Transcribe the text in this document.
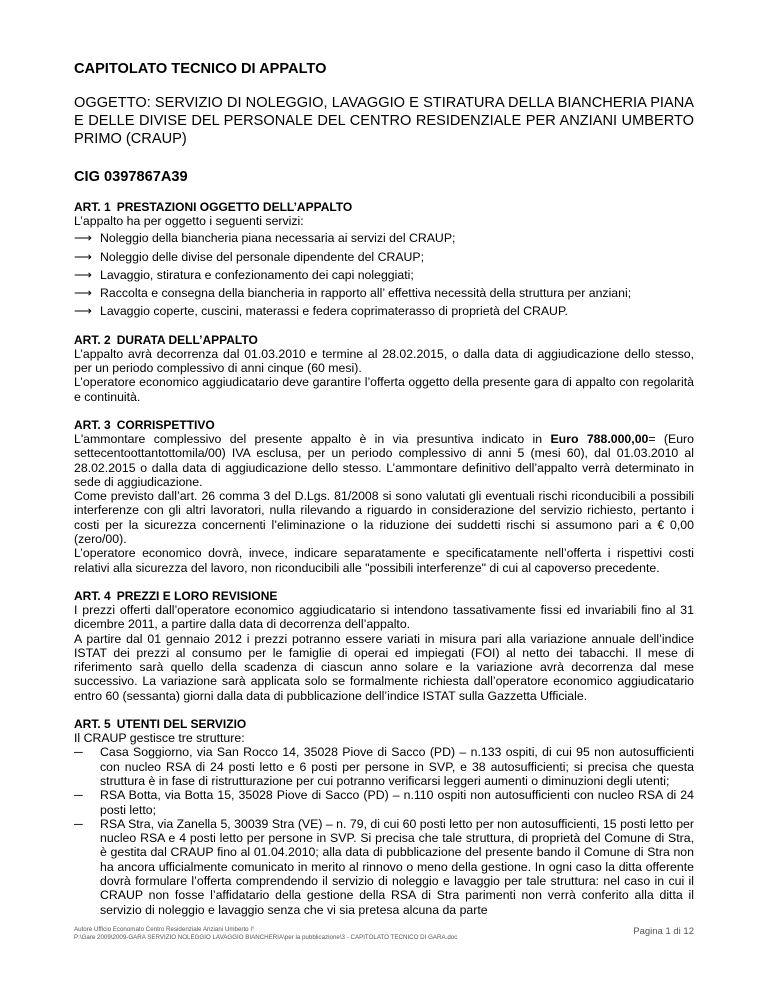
CAPITOLATO TECNICO DI APPALTO

OGGETTO: SERVIZIO DI NOLEGGIO, LAVAGGIO E STIRATURA DELLA BIANCHERIA PIANA E DELLE DIVISE DEL PERSONALE DEL CENTRO RESIDENZIALE PER ANZIANI UMBERTO PRIMO (CRAUP)

CIG 0397867A39

ART. 1 PRESTAZIONI OGGETTO DELL’APPALTO

L’appalto ha per oggetto i seguenti servizi:

⟶ Noleggio della biancheria piana necessaria ai servizi del CRAUP;
⟶ Noleggio delle divise del personale dipendente del CRAUP;
⟶ Lavaggio, stiratura e confezionamento dei capi noleggiati;
⟶ Raccolta e consegna della biancheria in rapporto all’ effettiva necessità della struttura per anziani;
⟶ Lavaggio coperte, cuscini, materassi e federa coprimaterasso di proprietà del CRAUP.

ART. 2 DURATA DELL’APPALTO

L’appalto avrà decorrenza dal 01.03.2010 e termine al 28.02.2015, o dalla data di aggiudicazione dello stesso, per un periodo complessivo di anni cinque (60 mesi).

L’operatore economico aggiudicatario deve garantire l’offerta oggetto della presente gara di appalto con regolarità e continuità.

ART. 3 CORRISPETTIVO

L'ammontare complessivo del presente appalto è in via presuntiva indicato in Euro 788.000,00= (Euro settecentoottantottomila/00) IVA esclusa, per un periodo complessivo di anni 5 (mesi 60), dal 01.03.2010 al 28.02.2015 o dalla data di aggiudicazione dello stesso. L’ammontare definitivo dell’appalto verrà determinato in sede di aggiudicazione.

Come previsto dall’art. 26 comma 3 del D.Lgs. 81/2008 si sono valutati gli eventuali rischi riconducibili a possibili interferenze con gli altri lavoratori, nulla rilevando a riguardo in considerazione del servizio richiesto, pertanto i costi per la sicurezza concernenti l’eliminazione o la riduzione dei suddetti rischi si assumono pari a € 0,00 (zero/00).

L’operatore economico dovrà, invece, indicare separatamente e specificatamente nell’offerta i rispettivi costi relativi alla sicurezza del lavoro, non riconducibili alle "possibili interferenze" di cui al capoverso precedente.

ART. 4 PREZZI E LORO REVISIONE

I prezzi offerti dall’operatore economico aggiudicatario si intendono tassativamente fissi ed invariabili fino al 31 dicembre 2011, a partire dalla data di decorrenza dell’appalto.

A partire dal 01 gennaio 2012 i prezzi potranno essere variati in misura pari alla variazione annuale dell’indice ISTAT dei prezzi al consumo per le famiglie di operai ed impiegati (FOI) al netto dei tabacchi. Il mese di riferimento sarà quello della scadenza di ciascun anno solare e la variazione avrà decorrenza dal mese successivo. La variazione sarà applicata solo se formalmente richiesta dall’operatore economico aggiudicatario entro 60 (sessanta) giorni dalla data di pubblicazione dell’indice ISTAT sulla Gazzetta Ufficiale.

ART. 5 UTENTI DEL SERVIZIO

Il CRAUP gestisce tre strutture:

─ Casa Soggiorno, via San Rocco 14, 35028 Piove di Sacco (PD) – n.133 ospiti, di cui 95 non autosufficienti con nucleo RSA di 24 posti letto e 6 posti per persone in SVP, e 38 autosufficienti; si precisa che questa struttura è in fase di ristrutturazione per cui potranno verificarsi leggeri aumenti o diminuzioni degli utenti;
─ RSA Botta, via Botta 15, 35028 Piove di Sacco (PD) – n.110 ospiti non autosufficienti con nucleo RSA di 24 posti letto;
─ RSA Stra, via Zanella 5, 30039 Stra (VE) – n. 79, di cui 60 posti letto per non autosufficienti, 15 posti letto per nucleo RSA e 4 posti letto per persone in SVP. Si precisa che tale struttura, di proprietà del Comune di Stra, è gestita dal CRAUP fino al 01.04.2010; alla data di pubblicazione del presente bando il Comune di Stra non ha ancora ufficialmente comunicato in merito al rinnovo o meno della gestione. In ogni caso la ditta offerente dovrà formulare l’offerta comprendendo il servizio di noleggio e lavaggio per tale struttura: nel caso in cui il CRAUP non fosse l’affidatario della gestione della RSA di Stra parimenti non verrà conferito alla ditta il servizio di noleggio e lavaggio senza che vi sia pretesa alcuna da parte
Autore Ufficio Economato Centro Residenziale Anziani Umberto I°
P:\Gare 2009\2009-GARA SERVIZIO NOLEGGIO LAVAGGIO BIANCHERIA\per la pubblicazione\3 - CAPITOLATO TECNICO DI GARA.doc
Pagina 1 di 12
